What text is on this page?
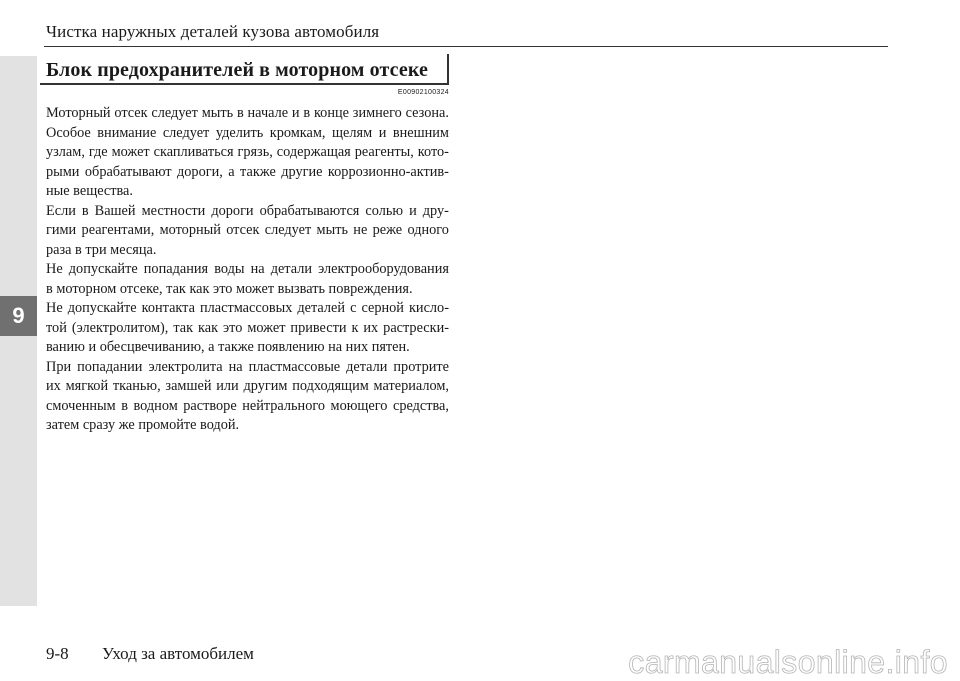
9
Чистка наружных деталей кузова автомобиля
Блок предохранителей в моторном отсеке
E00902100324
Моторный отсек следует мыть в начале и в конце зимнего сезона.
Особое внимание следует уделить кромкам, щелям и внешним
узлам, где может скапливаться грязь, содержащая реагенты, кото-
рыми обрабатывают дороги, а также другие коррозионно-актив-
ные вещества.
Если в Вашей местности дороги обрабатываются солью и дру-
гими реагентами, моторный отсек следует мыть не реже одного
раза в три месяца.
Не допускайте попадания воды на детали электрооборудования
в моторном отсеке, так как это может вызвать повреждения.
Не допускайте контакта пластмассовых деталей с серной кисло-
той (электролитом), так как это может привести к их растрески-
ванию и обесцвечиванию, а также появлению на них пятен.
При попадании электролита на пластмассовые детали протрите
их мягкой тканью, замшей или другим подходящим материалом,
смоченным в водном растворе нейтрального моющего средства,
затем сразу же промойте водой.
9-8 Уход за автомобилем	carmanualsonline.info
